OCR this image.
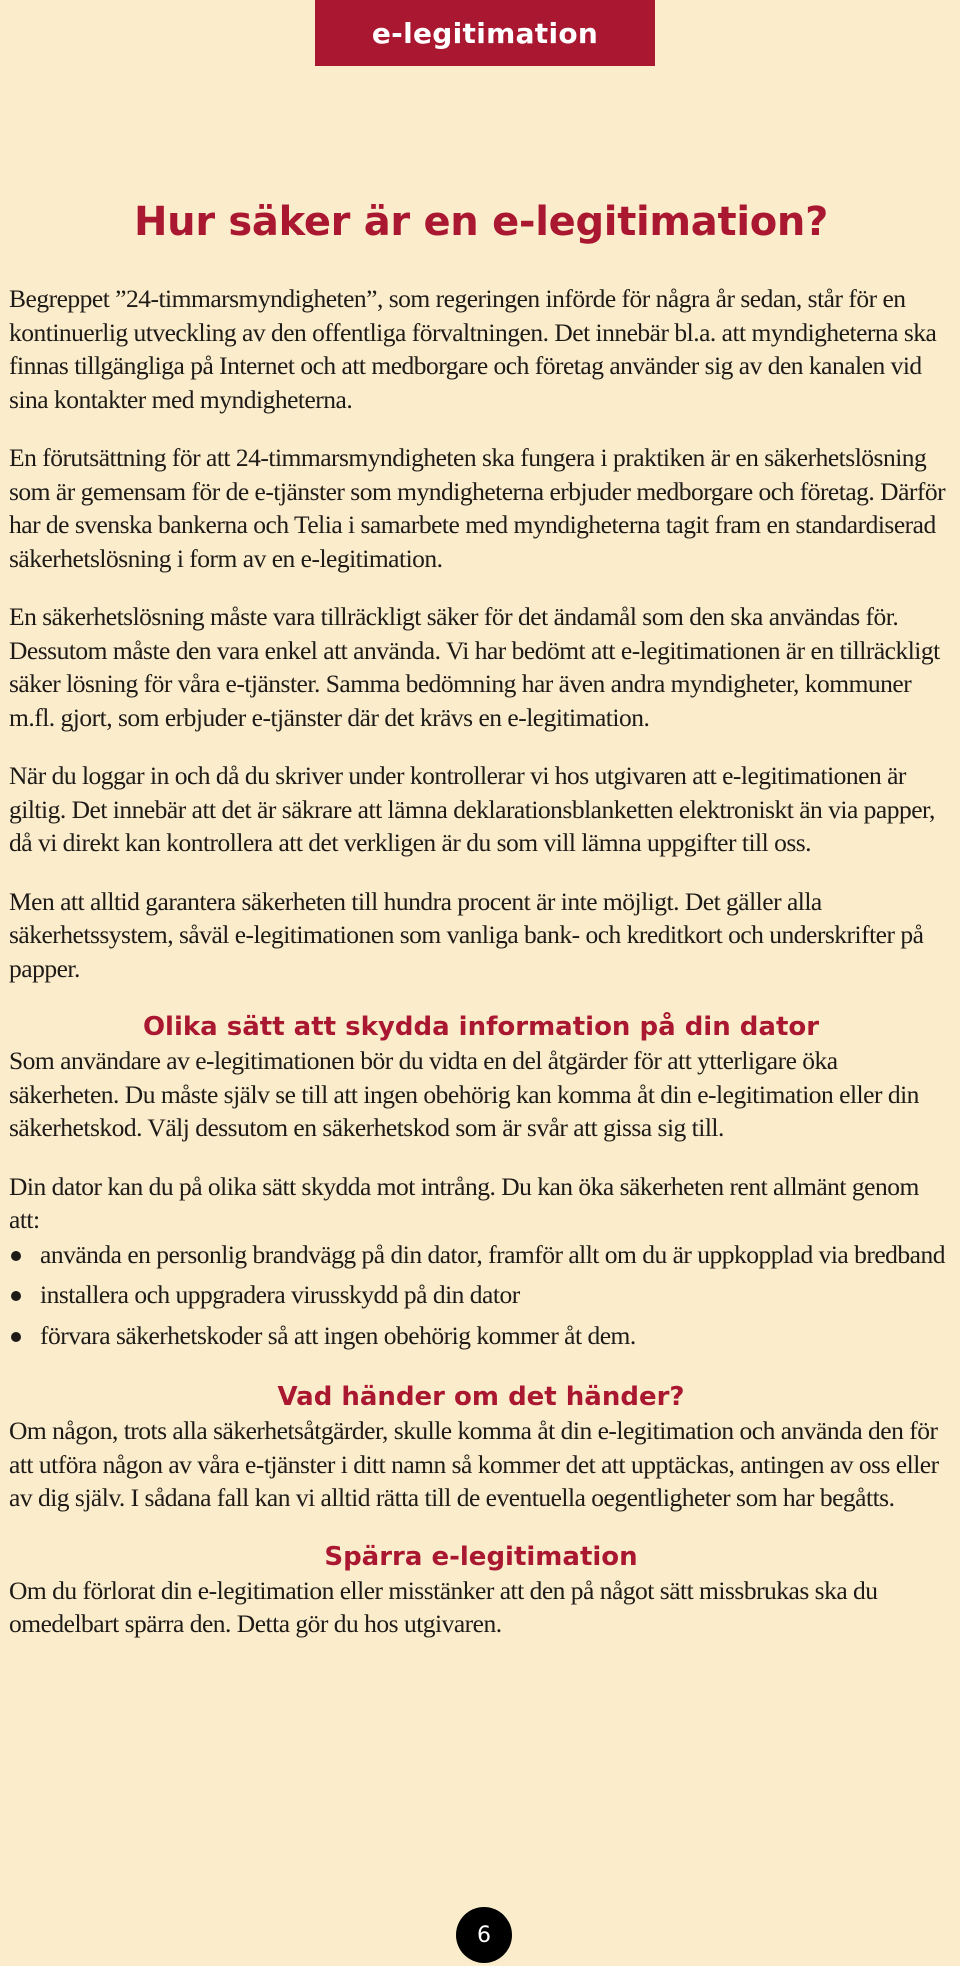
e-legitimation
Hur säker är en e-legitimation?

Begreppet ”24-timmarsmyndigheten”, som regeringen införde för några år sedan, står för en kontinuerlig utveckling av den offentliga förvaltningen. Det innebär bl.a. att myndigheterna ska finnas tillgängliga på Internet och att medborgare och företag använder sig av den kanalen vid sina kontakter med myndigheterna.

En förutsättning för att 24-timmarsmyndigheten ska fungera i praktiken är en säkerhetslösning som är gemensam för de e-tjänster som myndigheterna erbjuder medborgare och företag. Därför har de svenska bankerna och Telia i samarbete med myndigheterna tagit fram en standardiserad säkerhetslösning i form av en e-legitimation.

En säkerhetslösning måste vara tillräckligt säker för det ändamål som den ska användas för. Dessutom måste den vara enkel att använda. Vi har bedömt att e-legitimationen är en tillräckligt säker lösning för våra e-tjänster. Samma bedömning har även andra myndigheter, kommuner m.fl. gjort, som erbjuder e-tjänster där det krävs en e-legitimation.

När du loggar in och då du skriver under kontrollerar vi hos utgivaren att e-legitimationen är giltig. Det innebär att det är säkrare att lämna deklarationsblanketten elektroniskt än via papper, då vi direkt kan kontrollera att det verkligen är du som vill lämna uppgifter till oss.

Men att alltid garantera säkerheten till hundra procent är inte möjligt. Det gäller alla säkerhetssystem, såväl e-legitimationen som vanliga bank- och kreditkort och underskrifter på papper.

Olika sätt att skydda information på din dator

Som användare av e-legitimationen bör du vidta en del åtgärder för att ytterligare öka säkerheten. Du måste själv se till att ingen obehörig kan komma åt din e-legitimation eller din säkerhetskod. Välj dessutom en säkerhetskod som är svår att gissa sig till.

Din dator kan du på olika sätt skydda mot intrång. Du kan öka säkerheten rent allmänt genom att:

använda en personlig brandvägg på din dator, framför allt om du är uppkopplad via bredband
installera och uppgradera virusskydd på din dator
förvara säkerhetskoder så att ingen obehörig kommer åt dem.
Vad händer om det händer?

Om någon, trots alla säkerhetsåtgärder, skulle komma åt din e-legitimation och använda den för att utföra någon av våra e-tjänster i ditt namn så kommer det att upptäckas, antingen av oss eller av dig själv. I sådana fall kan vi alltid rätta till de eventuella oegentligheter som har begåtts.

Spärra e-legitimation

Om du förlorat din e-legitimation eller misstänker att den på något sätt missbrukas ska du omedelbart spärra den. Detta gör du hos utgivaren.

6
